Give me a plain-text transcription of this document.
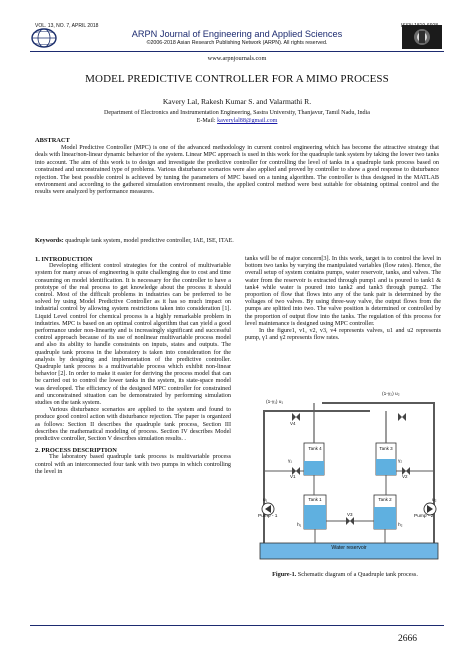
VOL. 13, NO. 7, APRIL 2018
ARPN Journal of Engineering and Applied Sciences
©2006-2018 Asian Research Publishing Network (ARPN). All rights reserved.
www.arpnjournals.com
MODEL PREDICTIVE CONTROLLER FOR A MIMO PROCESS
Kavery Lal, Rakesh Kumar S. and Valarmathi R.
Department of Electronics and Instrumentation Engineering, Sastra University, Thanjavur, Tamil Nadu, India
E-Mail: kaverylal88@gmail.com
ABSTRACT
Model Predictive Controller (MPC) is one of the advanced methodology in current control engineering which has become the attractive strategy that deals with linear/non-linear dynamic behavior of the system. Linear MPC approach is used in this work for the quadruple tank system by taking the lower two tanks into account. The aim of this work is to design and investigate the predictive controller for controlling the level of tanks in a quadruple tank process based on constrained and unconstrained type of problems. Various disturbance scenarios were also applied and proved by controller to show a good response to disturbance rejection. The best possible control is achieved by tuning the parameters of MPC based on a tuning algorithm. The controller is thus designed in the MATLAB environment and according to the gathered simulation environment results, the applied control method were best suitable for obtaining optimal control and the results were analyzed by performance measures.
Keywords: quadruple tank system, model predictive controller, IAE, ISE, ITAE.

1. INTRODUCTION

Developing efficient control strategies for the control of multivariable system for many areas of engineering is quite challenging due to cost and time consuming on model identification. It is necessary for the controller to have a prototype of the real process to get knowledge about the process it should control. Most of the difficult problems in industries can be preferred to be solved by using Model Predictive Controller as it has so much impact on industrial control by allowing system restrictions taken into consideration [1]. Liquid Level control for chemical process is a highly remarkable problem in industries. MPC is based on an optimal control algorithm that can yield a good performance under non-linearity and is increasingly significant and successful control approach because of its use of nonlinear multivariable process model and also its ability to handle constraints on inputs, states and outputs. The quadruple tank process in the laboratory is taken into consideration for the analysis by designing and implementation of the predictive controller. Quadruple tank process is a multivariable process which exhibit non-linear behavior [2]. In order to make it easier for deriving the process model that can be carried out to control the lower tanks in the system, its state-space model was developed. The efficiency of the designed MPC controller for constrained and unconstrained situation can be demonstrated by performing simulation studies on the tank system.

Various disturbance scenarios are applied to the system and found to produce good control action with disturbance rejection. The paper is organized as follows: Section II describes the quadruple tank process, Section III describes the mathematical modeling of process. Section IV describes Model predictive controller, Section V describes simulation results. .

2. PROCESS DESCRIPTION

The laboratory based quadruple tank process is multivariable process control with an interconnected four tank with two pumps in which controlling the level in

tanks will be of major concern[3]. In this work, target is to control the level in bottom two tanks by varying the manipulated variables (flow rates). Hence, the overall setup of system contains pumps, water reservoir, tanks, and valves. The water from the reservoir is extracted through pump1 and is poured to tank1 & tank4 while water is poured into tank2 and tank3 through pump2. The proportion of flow that flows into any of the tank pair is determined by the voltages of two valves. By using three-way valve, the output flows from the pumps are splitted into two. The valve position is determined or controlled by the proportion of output flow into the tanks. The regulation of this process for level maintenance is designed using MPC controller.

In the figure1, v1, v2, v3, v4 represents valves, u1 and u2 represents pump, γ1 and γ2 represents flow rates.

(1-γ₁) u₁
(1-γ₂) u₂
Tank 4	Tank 3
Tank 1	Tank 2
γ₁	γ₂
V1	V2
V3
V4
h₁	h₂
u₁	u₂
Pump - 1	Pump - 2
Water reservoir
Figure-1. Schematic diagram of a Quadruple tank process.
2666
